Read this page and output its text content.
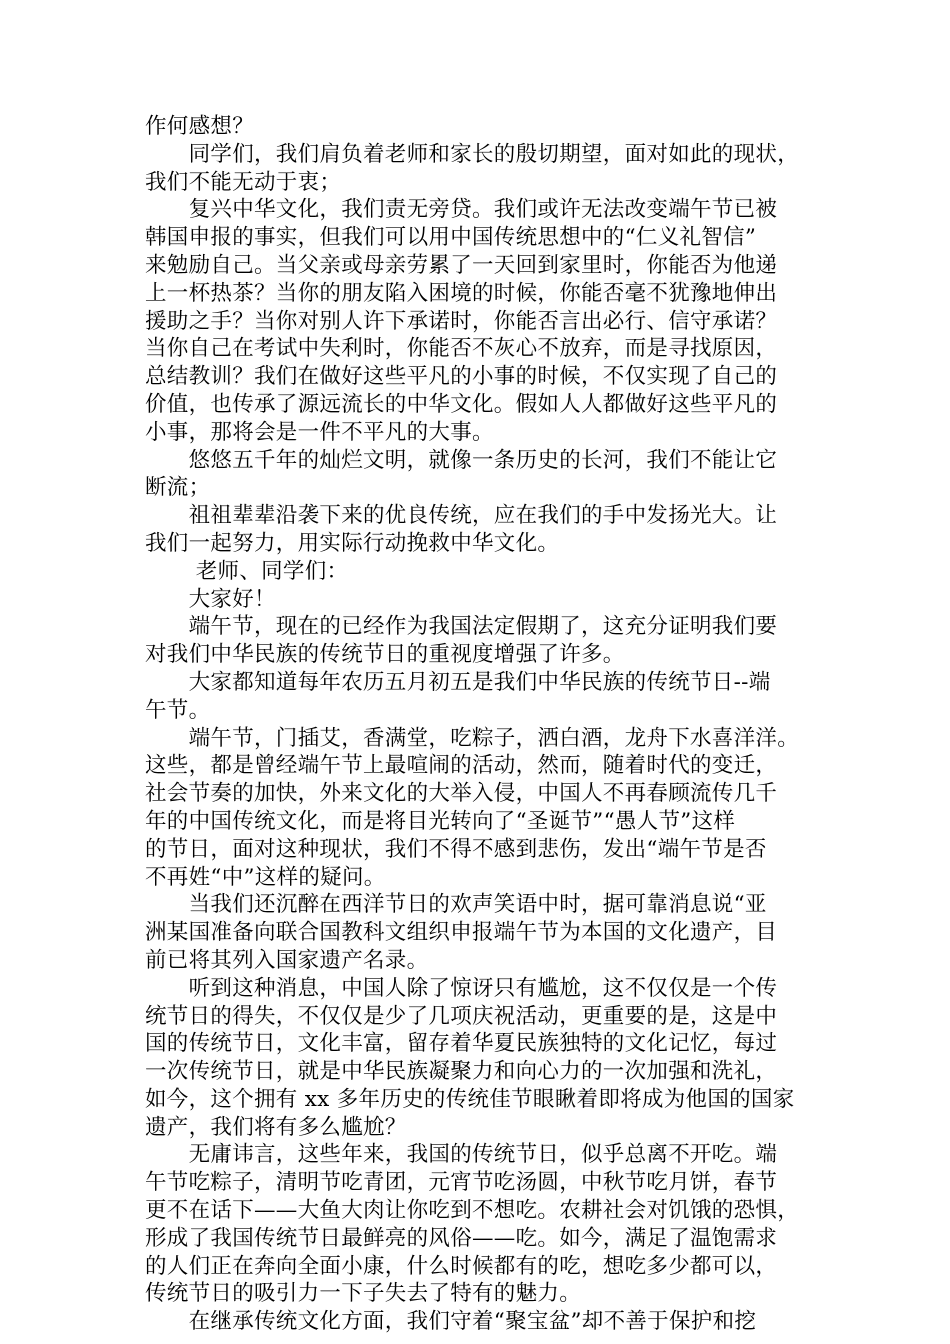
作何感想？
　　同学们，我们肩负着老师和家长的殷切期望，面对如此的现状，
我们不能无动于衷；
　　复兴中华文化，我们责无旁贷。我们或许无法改变端午节已被
韩国申报的事实，但我们可以用中国传统思想中的“仁义礼智信”
来勉励自己。当父亲或母亲劳累了一天回到家里时，你能否为他递
上一杯热茶？当你的朋友陷入困境的时候，你能否毫不犹豫地伸出
援助之手？当你对别人许下承诺时，你能否言出必行、信守承诺？
当你自己在考试中失利时，你能否不灰心不放弃，而是寻找原因，
总结教训？我们在做好这些平凡的小事的时候，不仅实现了自己的
价值，也传承了源远流长的中华文化。假如人人都做好这些平凡的
小事，那将会是一件不平凡的大事。
　　悠悠五千年的灿烂文明，就像一条历史的长河，我们不能让它
断流；
　　祖祖辈辈沿袭下来的优良传统，应在我们的手中发扬光大。让
我们一起努力，用实际行动挽救中华文化。
　　 老师、同学们：
　　大家好！
　　端午节，现在的已经作为我国法定假期了，这充分证明我们要
对我们中华民族的传统节日的重视度增强了许多。
　　大家都知道每年农历五月初五是我们中华民族的传统节日--端
午节。
　　端午节，门插艾，香满堂，吃粽子，洒白酒，龙舟下水喜洋洋。
这些，都是曾经端午节上最喧闹的活动，然而，随着时代的变迁，
社会节奏的加快，外来文化的大举入侵，中国人不再春顾流传几千
年的中国传统文化，而是将目光转向了“圣诞节”“愚人节”这样
的节日，面对这种现状，我们不得不感到悲伤，发出“端午节是否
不再姓“中”这样的疑问。
　　当我们还沉醉在西洋节日的欢声笑语中时，据可靠消息说“亚
洲某国准备向联合国教科文组织申报端午节为本国的文化遗产，目
前已将其列入国家遗产名录。
　　听到这种消息，中国人除了惊讶只有尴尬，这不仅仅是一个传
统节日的得失，不仅仅是少了几项庆祝活动，更重要的是，这是中
国的传统节日，文化丰富，留存着华夏民族独特的文化记忆，每过
一次传统节日，就是中华民族凝聚力和向心力的一次加强和洗礼，
如今，这个拥有 xx 多年历史的传统佳节眼瞅着即将成为他国的国家
遗产，我们将有多么尴尬？
　　无庸讳言，这些年来，我国的传统节日，似乎总离不开吃。端
午节吃粽子，清明节吃青团，元宵节吃汤圆，中秋节吃月饼，春节
更不在话下——大鱼大肉让你吃到不想吃。农耕社会对饥饿的恐惧，
形成了我国传统节日最鲜亮的风俗——吃。如今，满足了温饱需求
的人们正在奔向全面小康，什么时候都有的吃，想吃多少都可以，
传统节日的吸引力一下子失去了特有的魅力。
　　在继承传统文化方面，我们守着“聚宝盆”却不善于保护和挖
